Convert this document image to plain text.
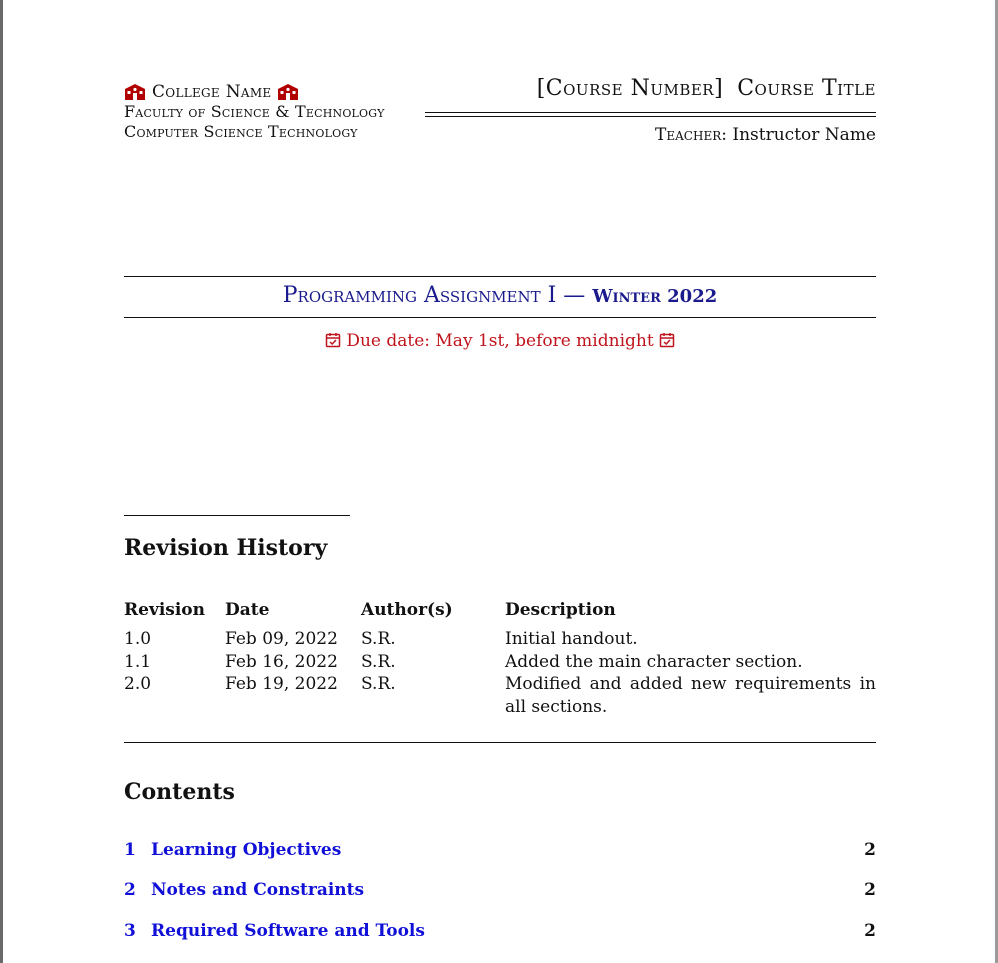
College Name
Faculty of Science & Technology
Computer Science Technology
[Course Number] Course Title
Teacher: Instructor Name
Programming Assignment I — Winter 2022
Due date: May 1st, before midnight
Revision History
Revision	Date	Author(s)	Description
1.0	Feb 09, 2022	S.R.	Initial handout.
1.1	Feb 16, 2022	S.R.	Added the main character section.
2.0	Feb 19, 2022	S.R.	Modified and added new requirements in all sections.
Contents
1 Learning Objectives	2
2 Notes and Constraints	2
3 Required Software and Tools	2
